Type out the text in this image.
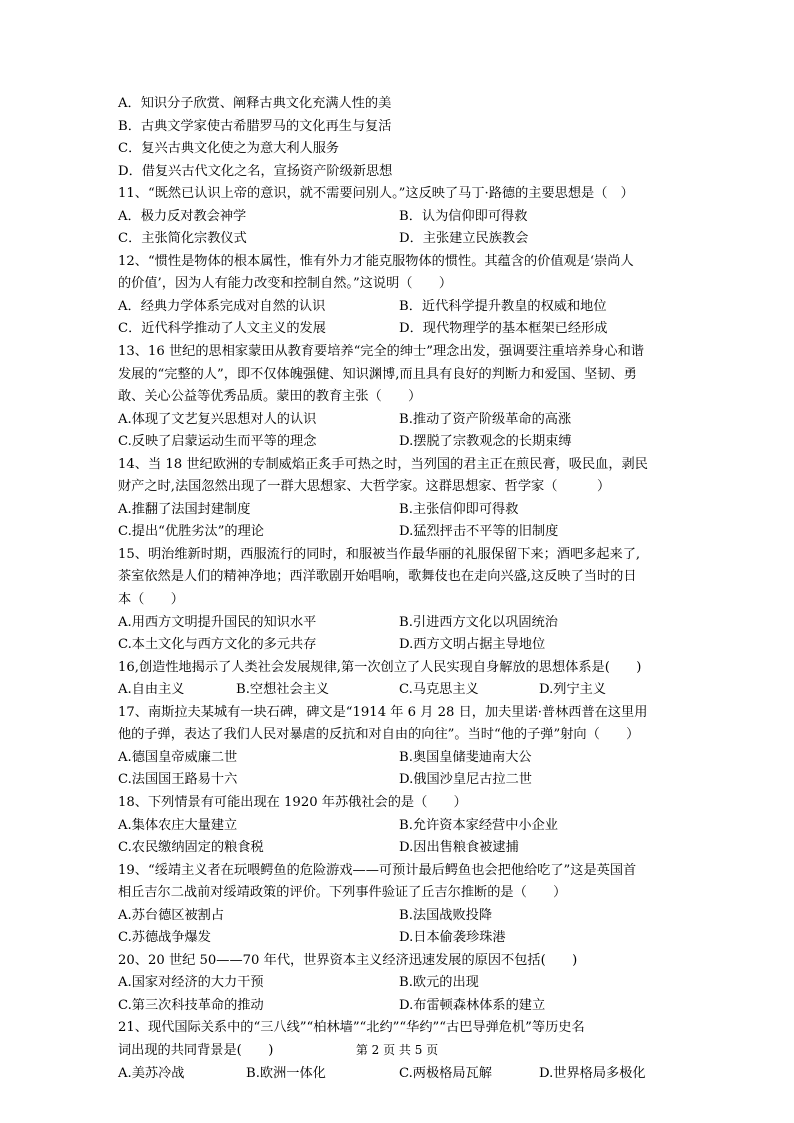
A．知识分子欣赏、阐释古典文化充满人性的美
B．古典文学家使古希腊罗马的文化再生与复活
C．复兴古典文化使之为意大利人服务
D．借复兴古代文化之名，宣扬资产阶级新思想
11、“既然已认识上帝的意识，就不需要问别人。”这反映了马丁·路德的主要思想是（　）
A．极力反对教会神学	B．认为信仰即可得救
C．主张简化宗教仪式	D．主张建立民族教会
12、“惯性是物体的根本属性，惟有外力才能克服物体的惯性。其蕴含的价值观是‘崇尚人
的价值’，因为人有能力改变和控制自然。”这说明（　　）
A．经典力学体系完成对自然的认识	B．近代科学提升教皇的权威和地位
C．近代科学推动了人文主义的发展	D．现代物理学的基本框架已经形成
13、16 世纪的思相家蒙田从教育要培养“完全的绅士”理念出发，强调要注重培养身心和谐
发展的“完整的人”，即不仅体魄强健、知识渊博,而且具有良好的判断力和爱国、坚韧、勇
敢、关心公益等优秀品质。蒙田的教育主张（　　）
A.体现了文艺复兴思想对人的认识	B.推动了资产阶级革命的高涨
C.反映了启蒙运动生而平等的理念	D.摆脱了宗教观念的长期束缚
14、当 18 世纪欧洲的专制威焰正炙手可热之时，当列国的君主正在煎民膏，吸民血，剥民
财产之时,法国忽然出现了一群大思想家、大哲学家。这群思想家、哲学家（　　　）
A.推翻了法国封建制度	B.主张信仰即可得救
C.提出“优胜劣汰”的理论	D.猛烈抨击不平等的旧制度
15、明治维新时期，西服流行的同时，和服被当作最华丽的礼服保留下来；酒吧多起来了,
茶室依然是人们的精神净地；西洋歌剧开始唱响，歌舞伎也在走向兴盛,这反映了当时的日
本（　　）
A.用西方文明提升国民的知识水平	B.引进西方文化以巩固统治
C.本土文化与西方文化的多元共存	D.西方文明占据主导地位
16,创造性地揭示了人类社会发展规律,第一次创立了人民实现自身解放的思想体系是(　　)
A.自由主义	B.空想社会主义	C.马克思主义	D.列宁主义
17、南斯拉夫某城有一块石碑，碑文是“1914 年 6 月 28 日，加夫里诺·普林西普在这里用
他的子弹，表达了我们人民对暴虐的反抗和对自由的向往”。当时“他的子弹”射向（　　）
A.德国皇帝威廉二世	B.奥国皇储斐迪南大公
C.法国国王路易十六	D.俄国沙皇尼古拉二世
18、下列情景有可能出现在 1920 年苏俄社会的是（　　）
A.集体农庄大量建立	B.允许资本家经营中小企业
C.农民缴纳固定的粮食税	D.因出售粮食被逮捕
19、“绥靖主义者在玩喂鳄鱼的危险游戏——可预计最后鳄鱼也会把他给吃了”这是英国首
相丘吉尔二战前对绥靖政策的评价。下列事件验证了丘吉尔推断的是（　　）
A.苏台德区被割占	B.法国战败投降
C.苏德战争爆发	D.日本偷袭珍珠港
20、20 世纪 50——70 年代，世界资本主义经济迅速发展的原因不包括(　　)
A.国家对经济的大力干预	B.欧元的出现
C.第三次科技革命的推动	D.布雷顿森林体系的建立
21、现代国际关系中的“三八线”“柏林墙”“北约”“华约”“古巴导弹危机”等历史名
词出现的共同背景是(　　)
A.美苏冷战	B.欧洲一体化	C.两极格局瓦解	D.世界格局多极化
第 2 页 共 5 页
